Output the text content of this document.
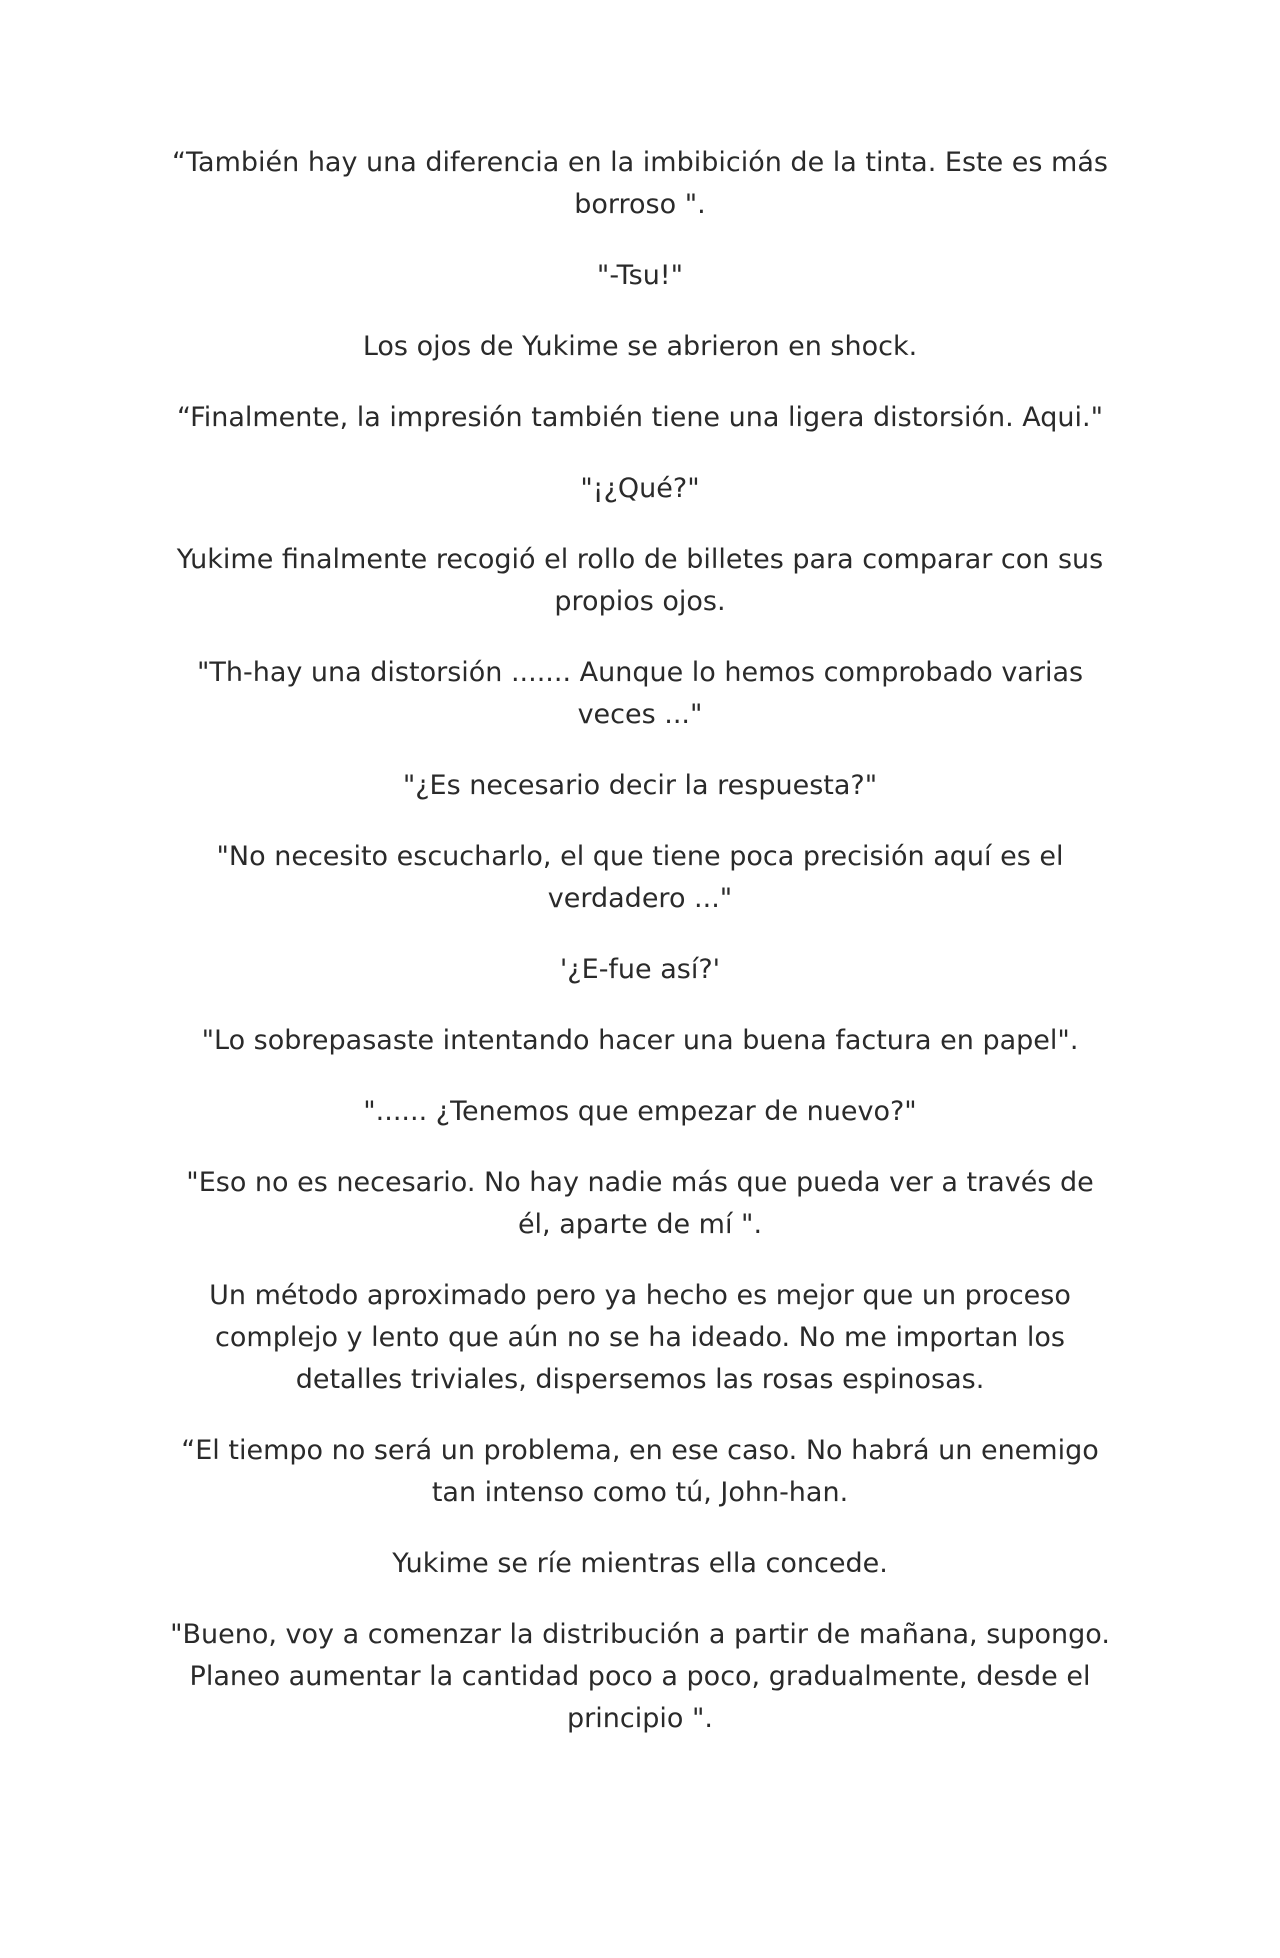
“También hay una diferencia en la imbibición de la tinta. Este es más borroso ".

"-Tsu!"

Los ojos de Yukime se abrieron en shock.

“Finalmente, la impresión también tiene una ligera distorsión. Aqui."

"¡¿Qué?"

Yukime finalmente recogió el rollo de billetes para comparar con sus propios ojos.

"Th-hay una distorsión ....... Aunque lo hemos comprobado varias veces ..."

"¿Es necesario decir la respuesta?"

"No necesito escucharlo, el que tiene poca precisión aquí es el verdadero ..."

'¿E-fue así?'

"Lo sobrepasaste intentando hacer una buena factura en papel".

"...... ¿Tenemos que empezar de nuevo?"

"Eso no es necesario. No hay nadie más que pueda ver a través de él, aparte de mí ".

Un método aproximado pero ya hecho es mejor que un proceso complejo y lento que aún no se ha ideado. No me importan los detalles triviales, dispersemos las rosas espinosas.

“El tiempo no será un problema, en ese caso. No habrá un enemigo tan intenso como tú, John-han.

Yukime se ríe mientras ella concede.

"Bueno, voy a comenzar la distribución a partir de mañana, supongo. Planeo aumentar la cantidad poco a poco, gradualmente, desde el principio ".
